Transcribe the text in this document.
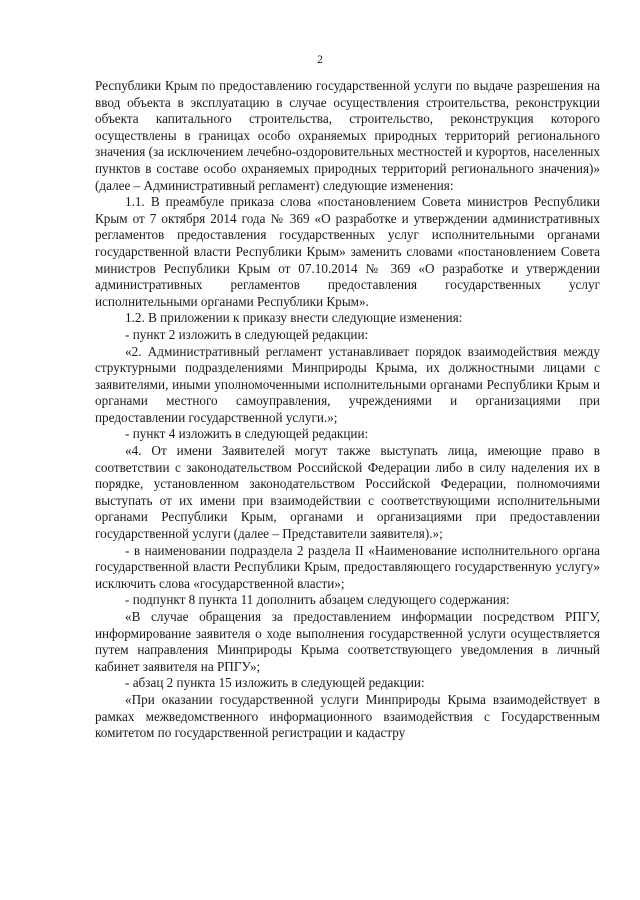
2

Республики Крым по предоставлению государственной услуги по выдаче разрешения на ввод объекта в эксплуатацию в случае осуществления строительства, реконструкции объекта капитального строительства, строительство, реконструкция которого осуществлены в границах особо охраняемых природных территорий регионального значения (за исключением лечебно-оздоровительных местностей и курортов, населенных пунктов в составе особо охраняемых природных территорий регионального значения)» (далее – Административный регламент) следующие изменения:

1.1. В преамбуле приказа слова «постановлением Совета министров Республики Крым от 7 октября 2014 года № 369 «О разработке и утверждении административных регламентов предоставления государственных услуг исполнительными органами государственной власти Республики Крым» заменить словами «постановлением Совета министров Республики Крым от 07.10.2014 № 369 «О разработке и утверждении административных регламентов предоставления государственных услуг исполнительными органами Республики Крым».

1.2. В приложении к приказу внести следующие изменения:

- пункт 2 изложить в следующей редакции:

«2. Административный регламент устанавливает порядок взаимодействия между структурными подразделениями Минприроды Крыма, их должностными лицами с заявителями, иными уполномоченными исполнительными органами Республики Крым и органами местного самоуправления, учреждениями и организациями при предоставлении государственной услуги.»;

- пункт 4 изложить в следующей редакции:

«4. От имени Заявителей могут также выступать лица, имеющие право в соответствии с законодательством Российской Федерации либо в силу наделения их в порядке, установленном законодательством Российской Федерации, полномочиями выступать от их имени при взаимодействии с соответствующими исполнительными органами Республики Крым, органами и организациями при предоставлении государственной услуги (далее – Представители заявителя).»;

- в наименовании подраздела 2 раздела II «Наименование исполнительного органа государственной власти Республики Крым, предоставляющего государственную услугу» исключить слова «государственной власти»;

- подпункт 8 пункта 11 дополнить абзацем следующего содержания:

«В случае обращения за предоставлением информации посредством РПГУ, информирование заявителя о ходе выполнения государственной услуги осуществляется путем направления Минприроды Крыма соответствующего уведомления в личный кабинет заявителя на РПГУ»;

- абзац 2 пункта 15 изложить в следующей редакции:

«При оказании государственной услуги Минприроды Крыма взаимодействует в рамках межведомственного информационного взаимодействия с Государственным комитетом по государственной регистрации и кадастру
